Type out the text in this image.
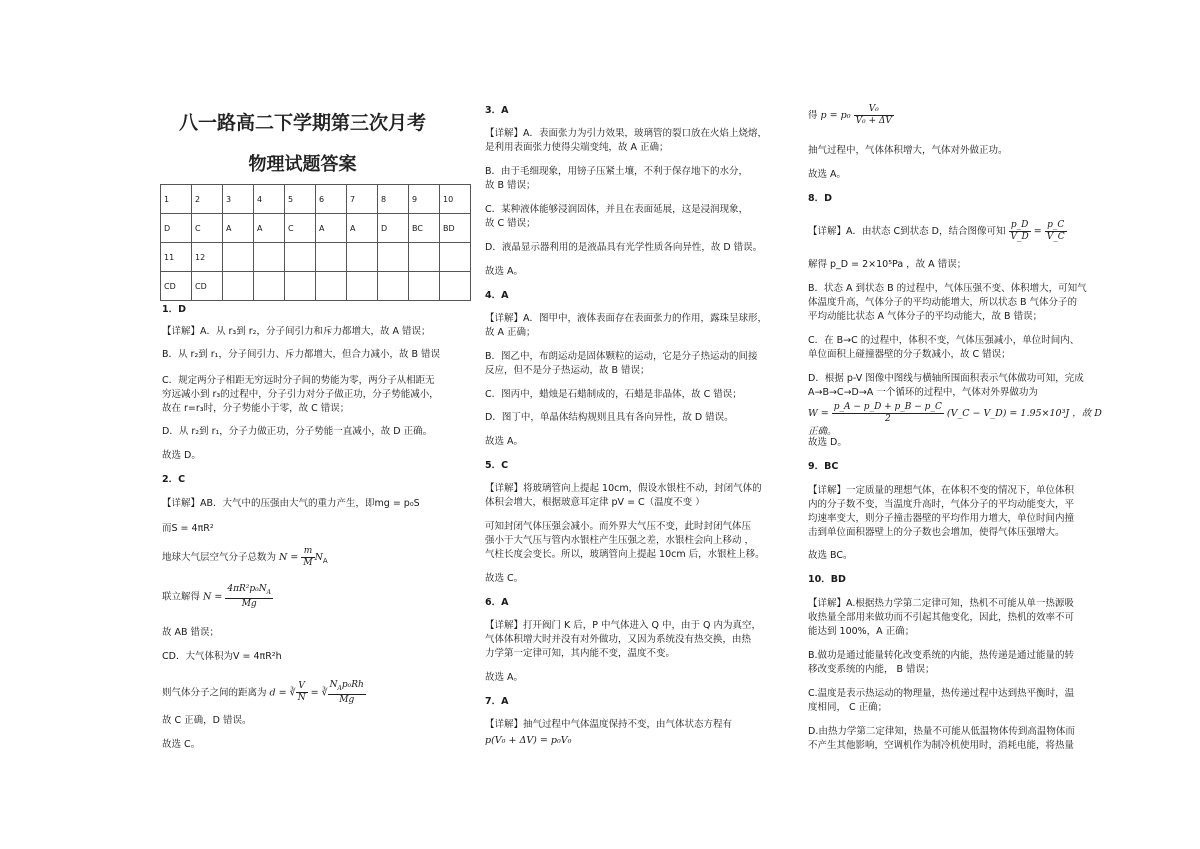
八一路高二下学期第三次月考
物理试题答案
1	2	3	4	5	6	7	8	9	10
D	C	A	A	C	A	A	D	BC	BD
11	12								
CD	CD								

1．D

【详解】A．从 r₃到 r₂，分子间引力和斥力都增大，故 A 错误；

B．从 r₂到 r₁，分子间引力、斥力都增大，但合力减小，故 B 错误

C．规定两分子相距无穷远时分子间的势能为零，两分子从相距无

穷远减小到 r₃的过程中，分子引力对分子做正功，分子势能减小，

故在 r=r₃时，分子势能小于零，故 C 错误；

D．从 r₂到 r₁，分子力做正功，分子势能一直减小，故 D 正确。

故选 D。

2．C

【详解】AB．大气中的压强由大气的重力产生，即mg = p₀S

而S = 4πR²

地球大气层空气分子总数为 $N = \frac{m}{M} N_A$

联立解得 $N = \frac{4\pi R^2p_0N_A}{Mg}$

故 AB 错误；

CD．大气体积为V = 4πR²h

则气体分子之间的距离为 d = ∛ $\frac{V}{N}$ = ∛ $\frac{N_Ap_0Rh}{Mg}$

故 C 正确，D 错误。

故选 C。

3．A

【详解】A．表面张力为引力效果，玻璃管的裂口放在火焰上烧熔，

是利用表面张力使得尖端变纯，故 A 正确；

B．由于毛细现象，用镑子压紧土壤，不利于保存地下的水分，

故 B 错误；

C．某种液体能够浸润固体，并且在表面延展，这是浸润现象，

故 C 错误；

D．液晶显示器利用的是液晶具有光学性质各向异性，故 D 错误。

故选 A。

4．A

【详解】A．图甲中，液体表面存在表面张力的作用，露珠呈球形，

故 A 正确；

B．图乙中，布朗运动是固体颗粒的运动，它是分子热运动的间接

反应，但不是分子热运动，故 B 错误；

C．图丙中，蜡烛是石蜡制成的，石蜡是非晶体，故 C 错误；

D．图丁中，单晶体结构规则且具有各向异性，故 D 错误。

故选 A。

5．C

【详解】将玻璃管向上提起 10cm，假设水银柱不动，封闭气体的

体积会增大，根据玻意耳定律 pV = C（温度不变 ）

可知封闭气体压强会减小。而外界大气压不变，此时封闭气体压

强小于大气压与管内水银柱产生压强之差，水银柱会向上移动 ，

气柱长度会变长。所以，玻璃管向上提起 10cm 后，水银柱上移。

故选 C。

6．A

【详解】打开阀门 K 后，P 中气体进入 Q 中，由于 Q 内为真空，

气体体积增大时并没有对外做功，又因为系统没有热交换，由热

力学第一定律可知，其内能不变，温度不变。

故选 A。

7．A

【详解】抽气过程中气体温度保持不变，由气体状态方程有

p(V₀ + ΔV) = p₀V₀

得 $p = p_0 \frac{\text{V₀}}{\text{V₀ + ΔV}}$

抽气过程中，气体体积增大，气体对外做正功。

故选 A。

8．D

【详解】A．由状态 C到状态 D，结合图像可知 $\frac{p\_D}{V\_D} = \frac{p\_C}{V\_C}$

解得 p_D = 2×10⁵Pa ，故 A 错误；

B．状态 A 到状态 B 的过程中，气体压强不变、体积增大，可知气

体温度升高，气体分子的平均动能增大，所以状态 B 气体分子的

平均动能比状态 A 气体分子的平均动能大，故 B 错误；

C．在 B→C 的过程中，体积不变，气体压强减小，单位时间内、

单位面积上碰撞器壁的分子数减小，故 C 错误；

D．根据 p-V 图像中图线与横轴所围面积表示气体做功可知，完成

A→B→C→D→A 一个循环的过程中，气体对外界做功为

$W = \frac{p\_A - p\_D + p\_B - p\_C}{2}$ (V_C − V_D) = 1.95×10³J ，故 D 正确。

故选 D。

9．BC

【详解】一定质量的理想气体，在体积不变的情况下，单位体积

内的分子数不变，当温度升高时，气体分子的平均动能变大，平

均速率变大，则分子撞击器壁的平均作用力增大，单位时间内撞

击到单位面积器壁上的分子数也会增加，使得气体压强增大。

故选 BC。

10．BD

【详解】A.根据热力学第二定律可知，热机不可能从单一热源吸

收热量全部用来做功而不引起其他变化，因此，热机的效率不可

能达到 100%，A 正确；

B.做功是通过能量转化改变系统的内能，热传递是通过能量的转

移改变系统的内能， B 错误；

C.温度是表示热运动的物理量，热传递过程中达到热平衡时，温

度相同， C 正确；

D.由热力学第二定律知，热量不可能从低温物体传到高温物体而

不产生其他影响，空调机作为制冷机使用时，消耗电能，将热量
